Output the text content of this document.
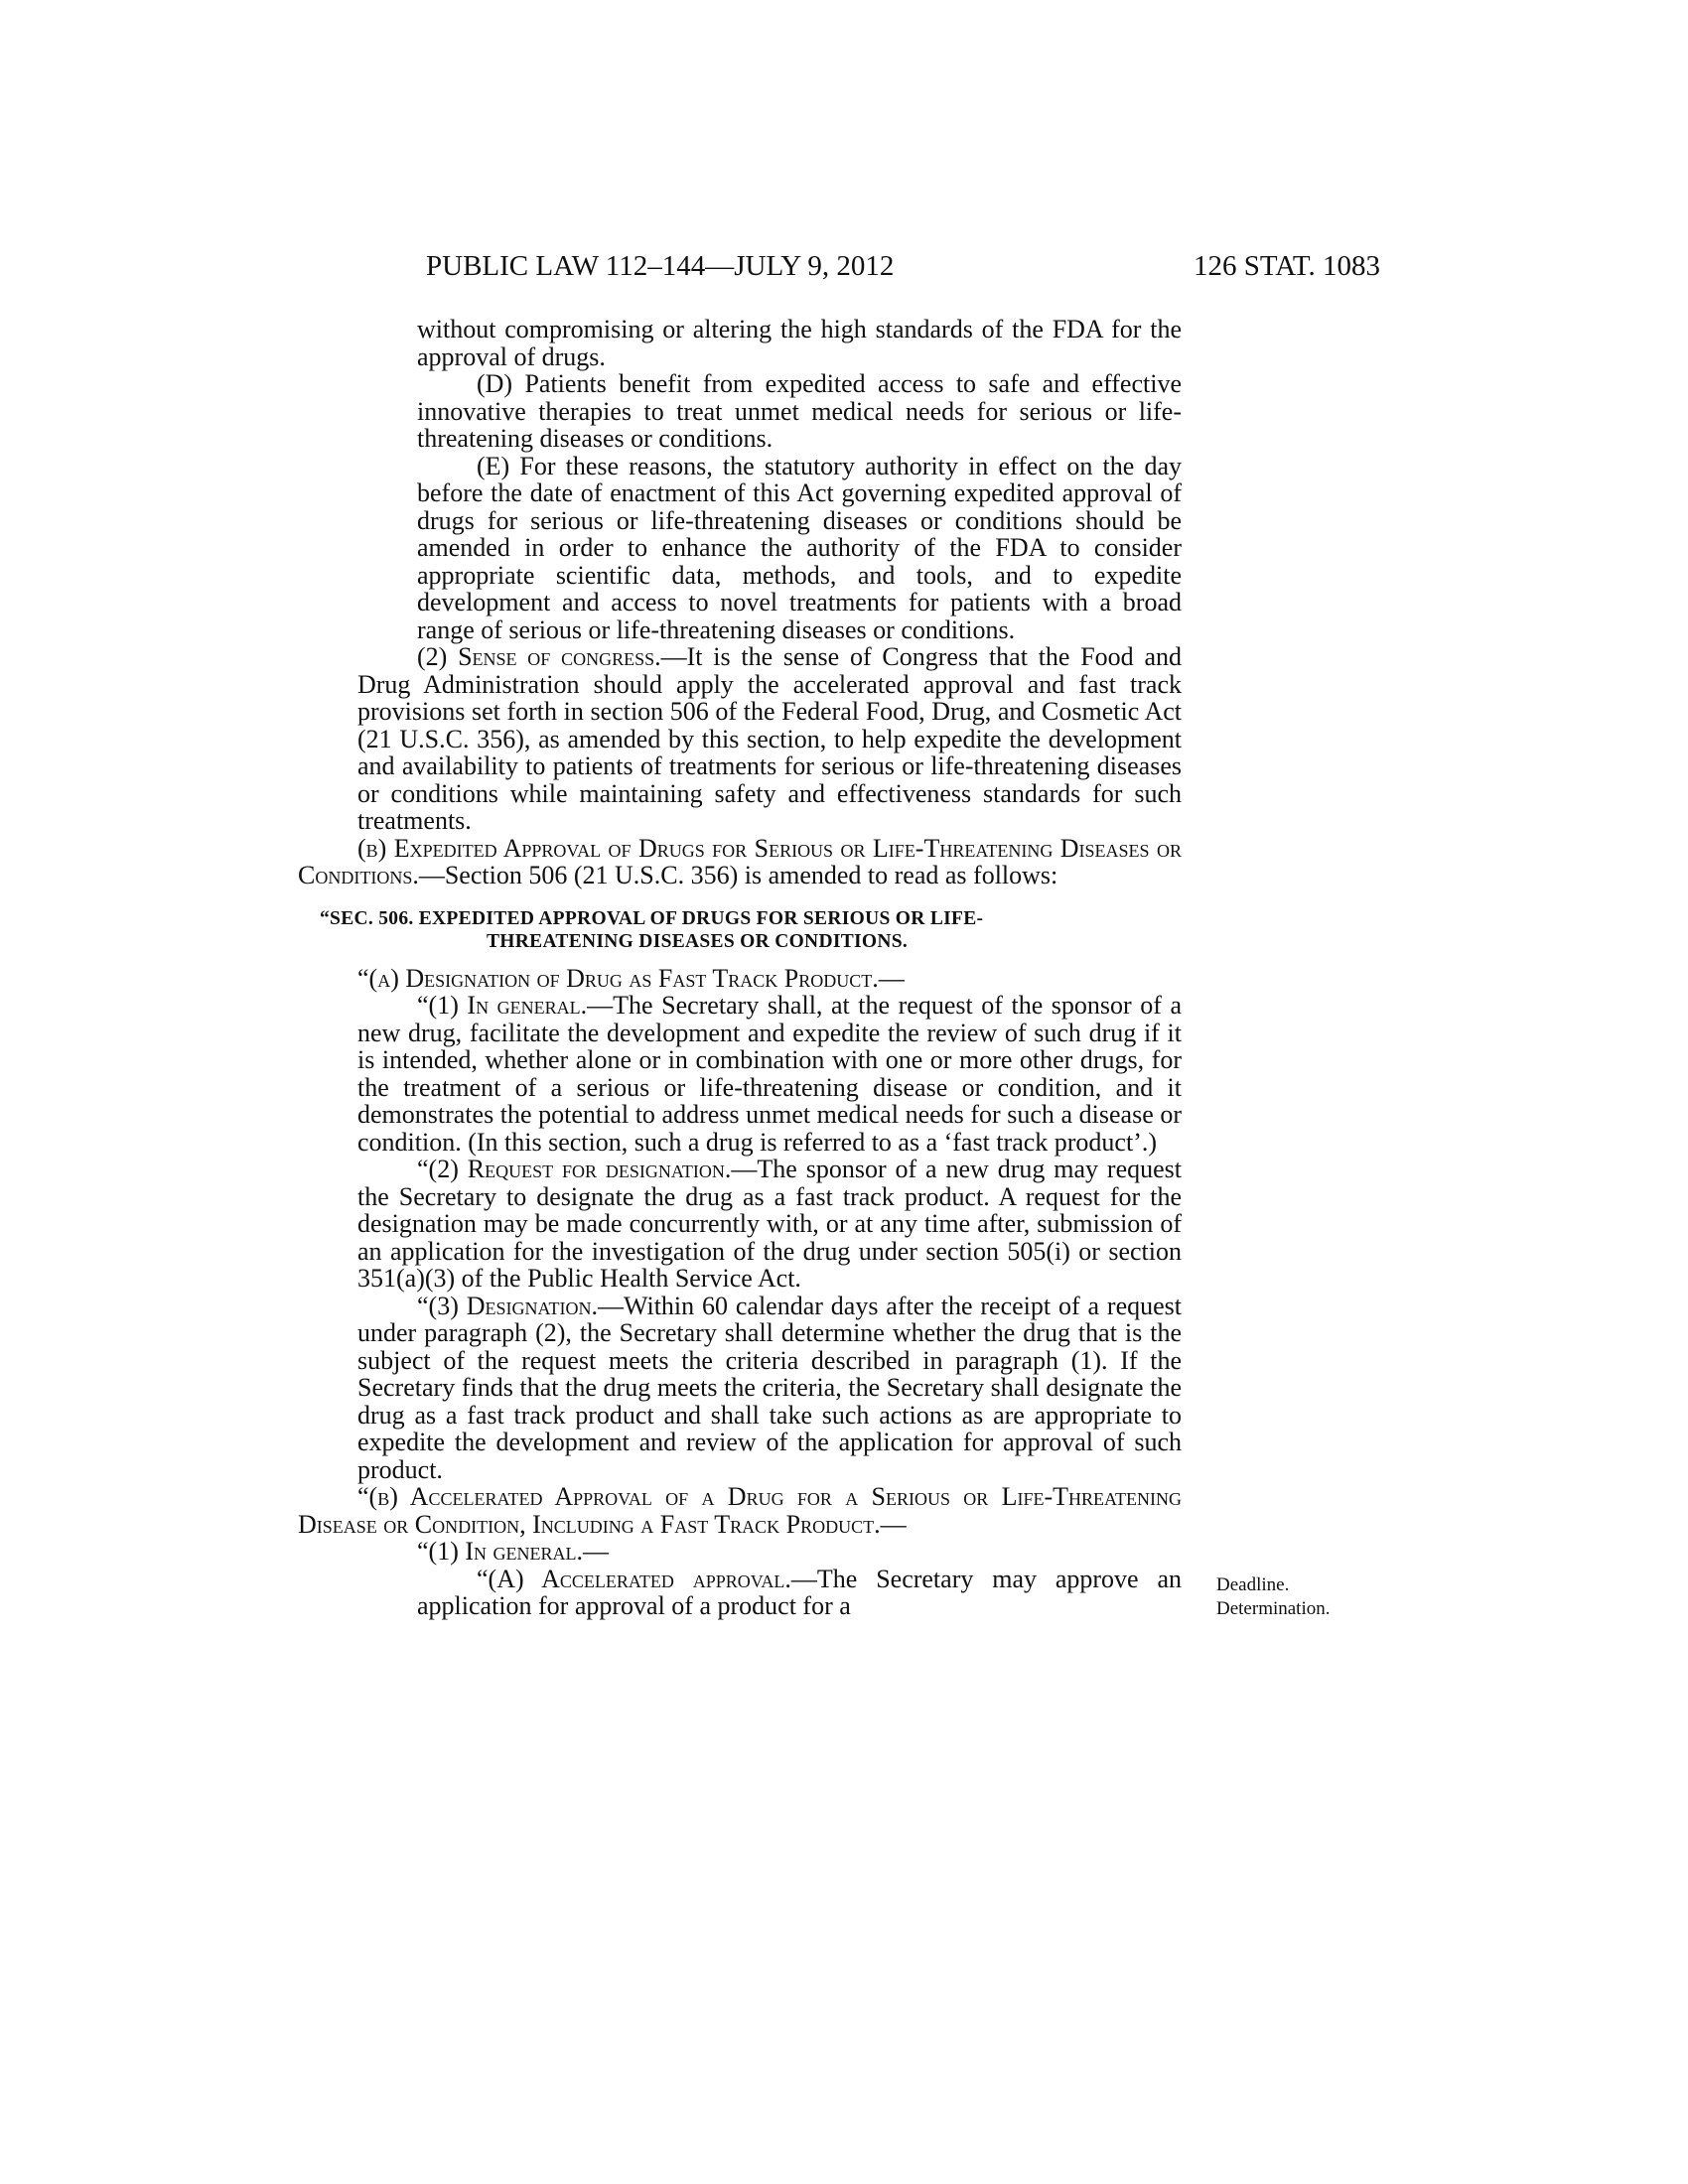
PUBLIC LAW 112–144—JULY 9, 2012	126 STAT. 1083

without compromising or altering the high standards of the FDA for the approval of drugs.

(D) Patients benefit from expedited access to safe and effective innovative therapies to treat unmet medical needs for serious or life-threatening diseases or conditions.

(E) For these reasons, the statutory authority in effect on the day before the date of enactment of this Act governing expedited approval of drugs for serious or life-threatening diseases or conditions should be amended in order to enhance the authority of the FDA to consider appropriate scientific data, methods, and tools, and to expedite development and access to novel treatments for patients with a broad range of serious or life-threatening diseases or conditions.

(2) Sense of congress.—It is the sense of Congress that the Food and Drug Administration should apply the accelerated approval and fast track provisions set forth in section 506 of the Federal Food, Drug, and Cosmetic Act (21 U.S.C. 356), as amended by this section, to help expedite the development and availability to patients of treatments for serious or life-threatening diseases or conditions while maintaining safety and effectiveness standards for such treatments.

(b) Expedited Approval of Drugs for Serious or Life-Threatening Diseases or Conditions.—Section 506 (21 U.S.C. 356) is amended to read as follows:

“SEC. 506. EXPEDITED APPROVAL OF DRUGS FOR SERIOUS OR LIFE-
THREATENING DISEASES OR CONDITIONS.

“(a) Designation of Drug as Fast Track Product.—

“(1) In general.—The Secretary shall, at the request of the sponsor of a new drug, facilitate the development and expedite the review of such drug if it is intended, whether alone or in combination with one or more other drugs, for the treatment of a serious or life-threatening disease or condition, and it demonstrates the potential to address unmet medical needs for such a disease or condition. (In this section, such a drug is referred to as a ‘fast track product’.)

“(2) Request for designation.—The sponsor of a new drug may request the Secretary to designate the drug as a fast track product. A request for the designation may be made concurrently with, or at any time after, submission of an application for the investigation of the drug under section 505(i) or section 351(a)(3) of the Public Health Service Act.

“(3) Designation.—Within 60 calendar days after the receipt of a request under paragraph (2), the Secretary shall determine whether the drug that is the subject of the request meets the criteria described in paragraph (1). If the Secretary finds that the drug meets the criteria, the Secretary shall designate the drug as a fast track product and shall take such actions as are appropriate to expedite the development and review of the application for approval of such product.

“(b) Accelerated Approval of a Drug for a Serious or Life-Threatening Disease or Condition, Including a Fast Track Product.—

“(1) In general.—

“(A) Accelerated approval.—The Secretary may approve an application for approval of a product for a

Deadline.
Determination.
